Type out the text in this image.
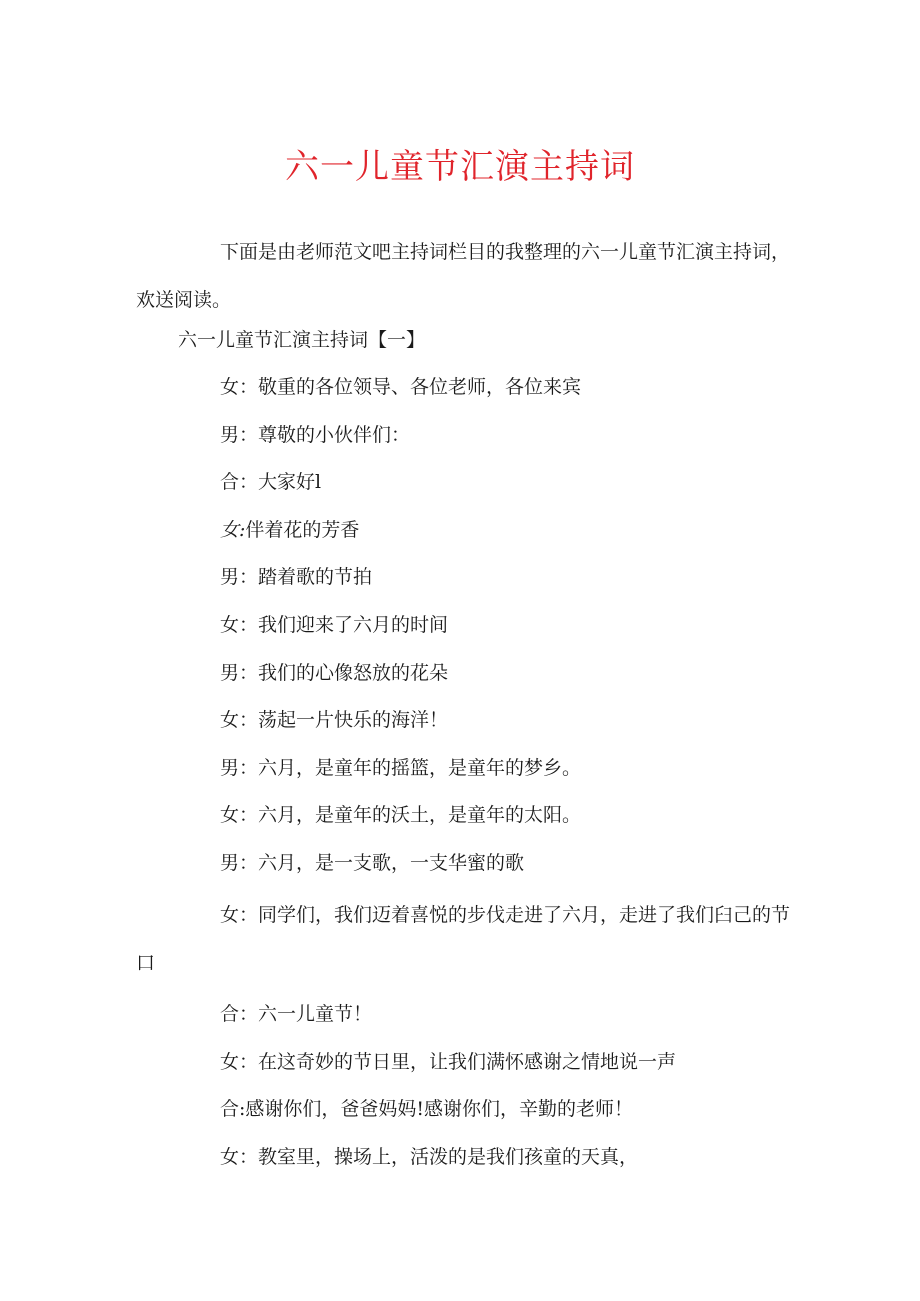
六一儿童节汇演主持词
下面是由老师范文吧主持词栏目的我整理的六一儿童节汇演主持词，欢送阅读。
六一儿童节汇演主持词【一】
女：敬重的各位领导、各位老师，各位来宾
男：尊敬的小伙伴们：
合：大家好l
女:伴着花的芳香
男：踏着歌的节拍
女：我们迎来了六月的时间
男：我们的心像怒放的花朵
女：荡起一片快乐的海洋！
男：六月，是童年的摇篮，是童年的梦乡。
女：六月，是童年的沃土，是童年的太阳。
男：六月，是一支歌，一支华蜜的歌
女：同学们，我们迈着喜悦的步伐走进了六月，走进了我们臼己的节口
合：六一儿童节！
女：在这奇妙的节日里，让我们满怀感谢之情地说一声
合:感谢你们，爸爸妈妈!感谢你们，辛勤的老师！
女：教室里，操场上，活泼的是我们孩童的天真，
